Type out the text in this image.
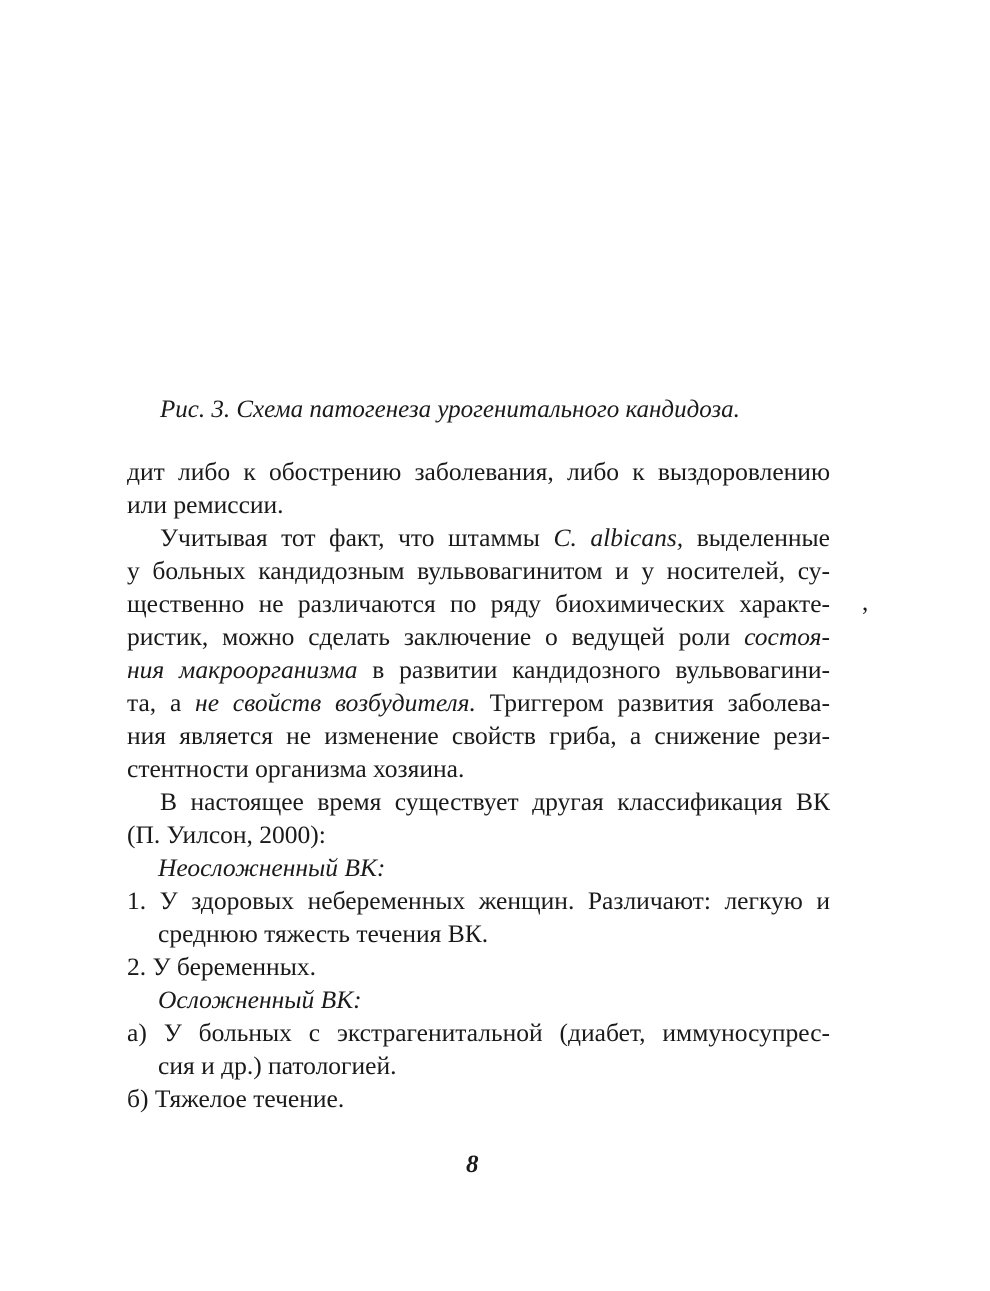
Рис. 3. Схема патогенеза урогенитального кандидоза.
дит либо к обострению заболевания, либо к выздоровлению
или ремиссии.
Учитывая тот факт, что штаммы C. albicans, выделенные
у больных кандидозным вульвовагинитом и у носителей, су-
щественно не различаются по ряду биохимических характе-
ристик, можно сделать заключение о ведущей роли состоя-
ния макроорганизма в развитии кандидозного вульвовагини-
та, а не свойств возбудителя. Триггером развития заболева-
ния является не изменение свойств гриба, а снижение рези-
стентности организма хозяина.
В настоящее время существует другая классификация ВК
(П. Уилсон, 2000):
Неосложненный ВК:
1. У здоровых небеременных женщин. Различают: легкую и
среднюю тяжесть течения ВК.
2. У беременных.
Осложненный ВК:
а) У больных с экстрагенитальной (диабет, иммуносупрес-
сия и др.) патологией.
б) Тяжелое течение.
,
8
